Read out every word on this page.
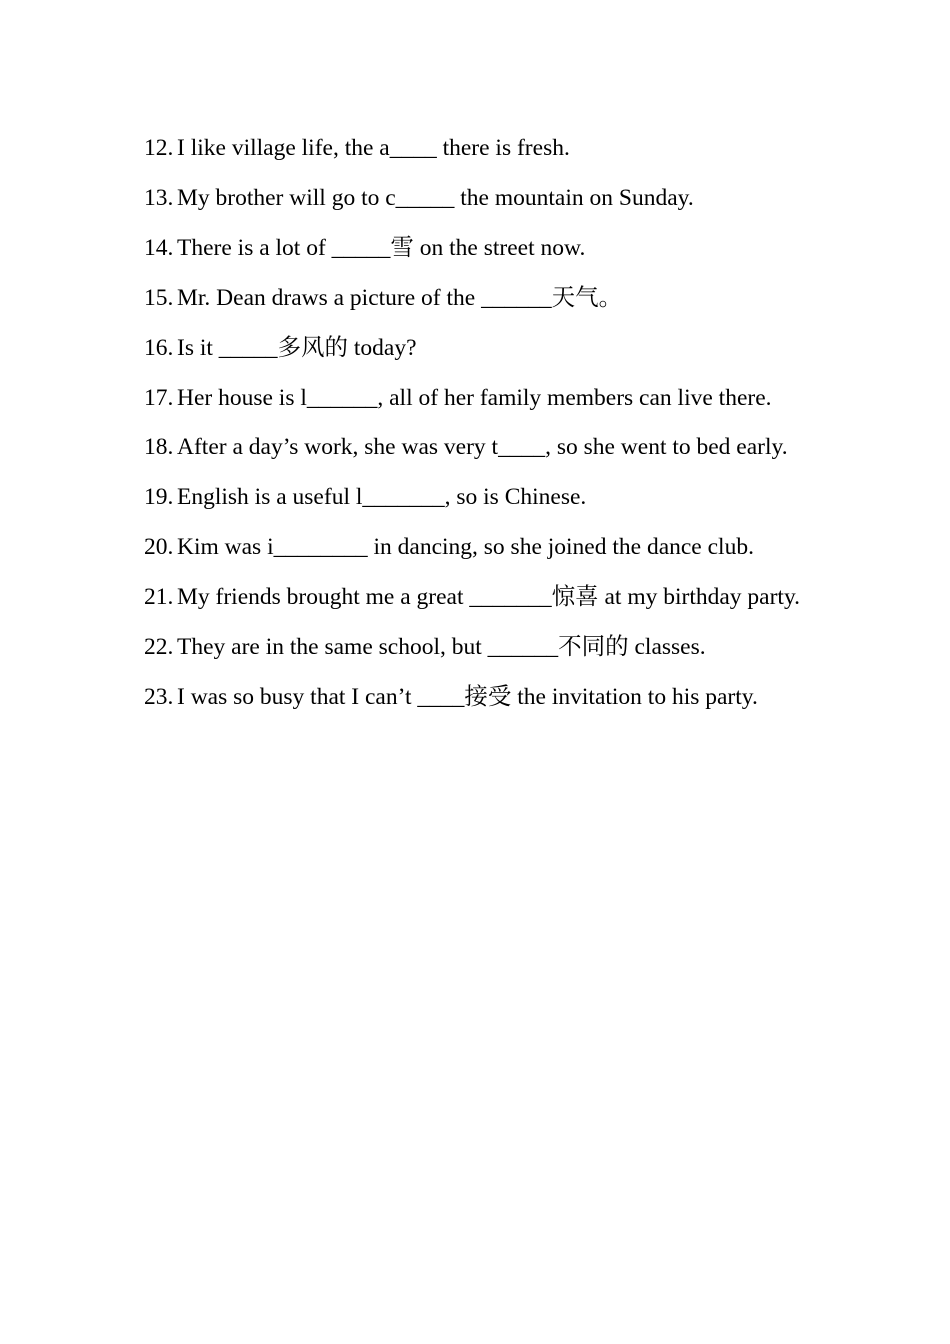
12. I like village life, the a____ there is fresh.
13. My brother will go to c_____ the mountain on Sunday.
14. There is a lot of _____雪 on the street now.
15. Mr. Dean draws a picture of the ______天气。
16. Is it _____多风的 today?
17. Her house is l______, all of her family members can live there.
18. After a day’s work, she was very t____, so she went to bed early.
19. English is a useful l_______, so is Chinese.
20. Kim was i________ in dancing, so she joined the dance club.
21. My friends brought me a great _______惊喜 at my birthday party.
22. They are in the same school, but ______不同的 classes.
23. I was so busy that I can’t ____接受 the invitation to his party.
